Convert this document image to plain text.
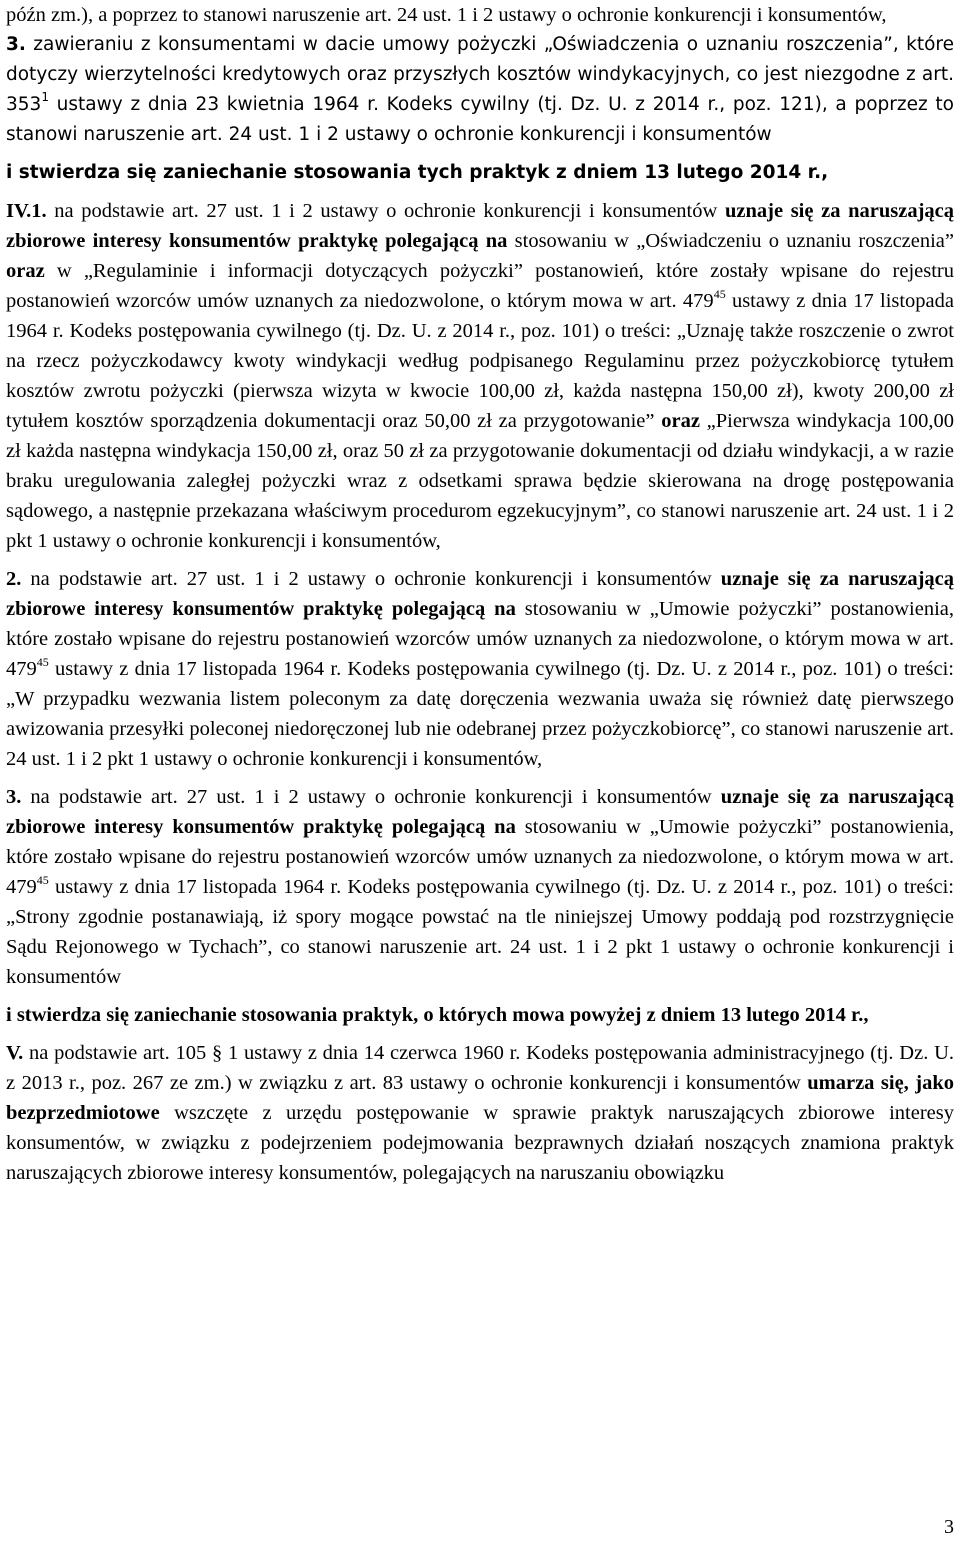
późn zm.), a poprzez to stanowi naruszenie art. 24 ust. 1 i 2 ustawy o ochronie konkurencji i konsumentów,

3. zawieraniu z konsumentami w dacie umowy pożyczki „Oświadczenia o uznaniu roszczenia”, które dotyczy wierzytelności kredytowych oraz przyszłych kosztów windykacyjnych, co jest niezgodne z art. $353^1$ ustawy z dnia 23 kwietnia 1964 r. Kodeks cywilny (tj. Dz. U. z 2014 r., poz. 121), a poprzez to stanowi naruszenie art. 24 ust. 1 i 2 ustawy o ochronie konkurencji i konsumentów

i stwierdza się zaniechanie stosowania tych praktyk z dniem 13 lutego 2014 r.,

IV.1. na podstawie art. 27 ust. 1 i 2 ustawy o ochronie konkurencji i konsumentów uznaje się za naruszającą zbiorowe interesy konsumentów praktykę polegającą na stosowaniu w „Oświadczeniu o uznaniu roszczenia” oraz w „Regulaminie i informacji dotyczących pożyczki” postanowień, które zostały wpisane do rejestru postanowień wzorców umów uznanych za niedozwolone, o którym mowa w art. $479^{45}$ ustawy z dnia 17 listopada 1964 r. Kodeks postępowania cywilnego (tj. Dz. U. z 2014 r., poz. 101) o treści: „Uznaję także roszczenie o zwrot na rzecz pożyczkodawcy kwoty windykacji według podpisanego Regulaminu przez pożyczkobiorcę tytułem kosztów zwrotu pożyczki (pierwsza wizyta w kwocie 100,00 zł, każda następna 150,00 zł), kwoty 200,00 zł tytułem kosztów sporządzenia dokumentacji oraz 50,00 zł za przygotowanie” oraz „Pierwsza windykacja 100,00 zł każda następna windykacja 150,00 zł, oraz 50 zł za przygotowanie dokumentacji od działu windykacji, a w razie braku uregulowania zaległej pożyczki wraz z odsetkami sprawa będzie skierowana na drogę postępowania sądowego, a następnie przekazana właściwym procedurom egzekucyjnym”, co stanowi naruszenie art. 24 ust. 1 i 2 pkt 1 ustawy o ochronie konkurencji i konsumentów,

2. na podstawie art. 27 ust. 1 i 2 ustawy o ochronie konkurencji i konsumentów uznaje się za naruszającą zbiorowe interesy konsumentów praktykę polegającą na stosowaniu w „Umowie pożyczki” postanowienia, które zostało wpisane do rejestru postanowień wzorców umów uznanych za niedozwolone, o którym mowa w art. $479^{45}$ ustawy z dnia 17 listopada 1964 r. Kodeks postępowania cywilnego (tj. Dz. U. z 2014 r., poz. 101) o treści: „W przypadku wezwania listem poleconym za datę doręczenia wezwania uważa się również datę pierwszego awizowania przesyłki poleconej niedoręczonej lub nie odebranej przez pożyczkobiorcę”, co stanowi naruszenie art. 24 ust. 1 i 2 pkt 1 ustawy o ochronie konkurencji i konsumentów,

3. na podstawie art. 27 ust. 1 i 2 ustawy o ochronie konkurencji i konsumentów uznaje się za naruszającą zbiorowe interesy konsumentów praktykę polegającą na stosowaniu w „Umowie pożyczki” postanowienia, które zostało wpisane do rejestru postanowień wzorców umów uznanych za niedozwolone, o którym mowa w art. $479^{45}$ ustawy z dnia 17 listopada 1964 r. Kodeks postępowania cywilnego (tj. Dz. U. z 2014 r., poz. 101) o treści: „Strony zgodnie postanawiają, iż spory mogące powstać na tle niniejszej Umowy poddają pod rozstrzygnięcie Sądu Rejonowego w Tychach”, co stanowi naruszenie art. 24 ust. 1 i 2 pkt 1 ustawy o ochronie konkurencji i konsumentów

i stwierdza się zaniechanie stosowania praktyk, o których mowa powyżej z dniem 13 lutego 2014 r.,

V. na podstawie art. 105 § 1 ustawy z dnia 14 czerwca 1960 r. Kodeks postępowania administracyjnego (tj. Dz. U. z 2013 r., poz. 267 ze zm.) w związku z art. 83 ustawy o ochronie konkurencji i konsumentów umarza się, jako bezprzedmiotowe wszczęte z urzędu postępowanie w sprawie praktyk naruszających zbiorowe interesy konsumentów, w związku z podejrzeniem podejmowania bezprawnych działań noszących znamiona praktyk naruszających zbiorowe interesy konsumentów, polegających na naruszaniu obowiązku

3
